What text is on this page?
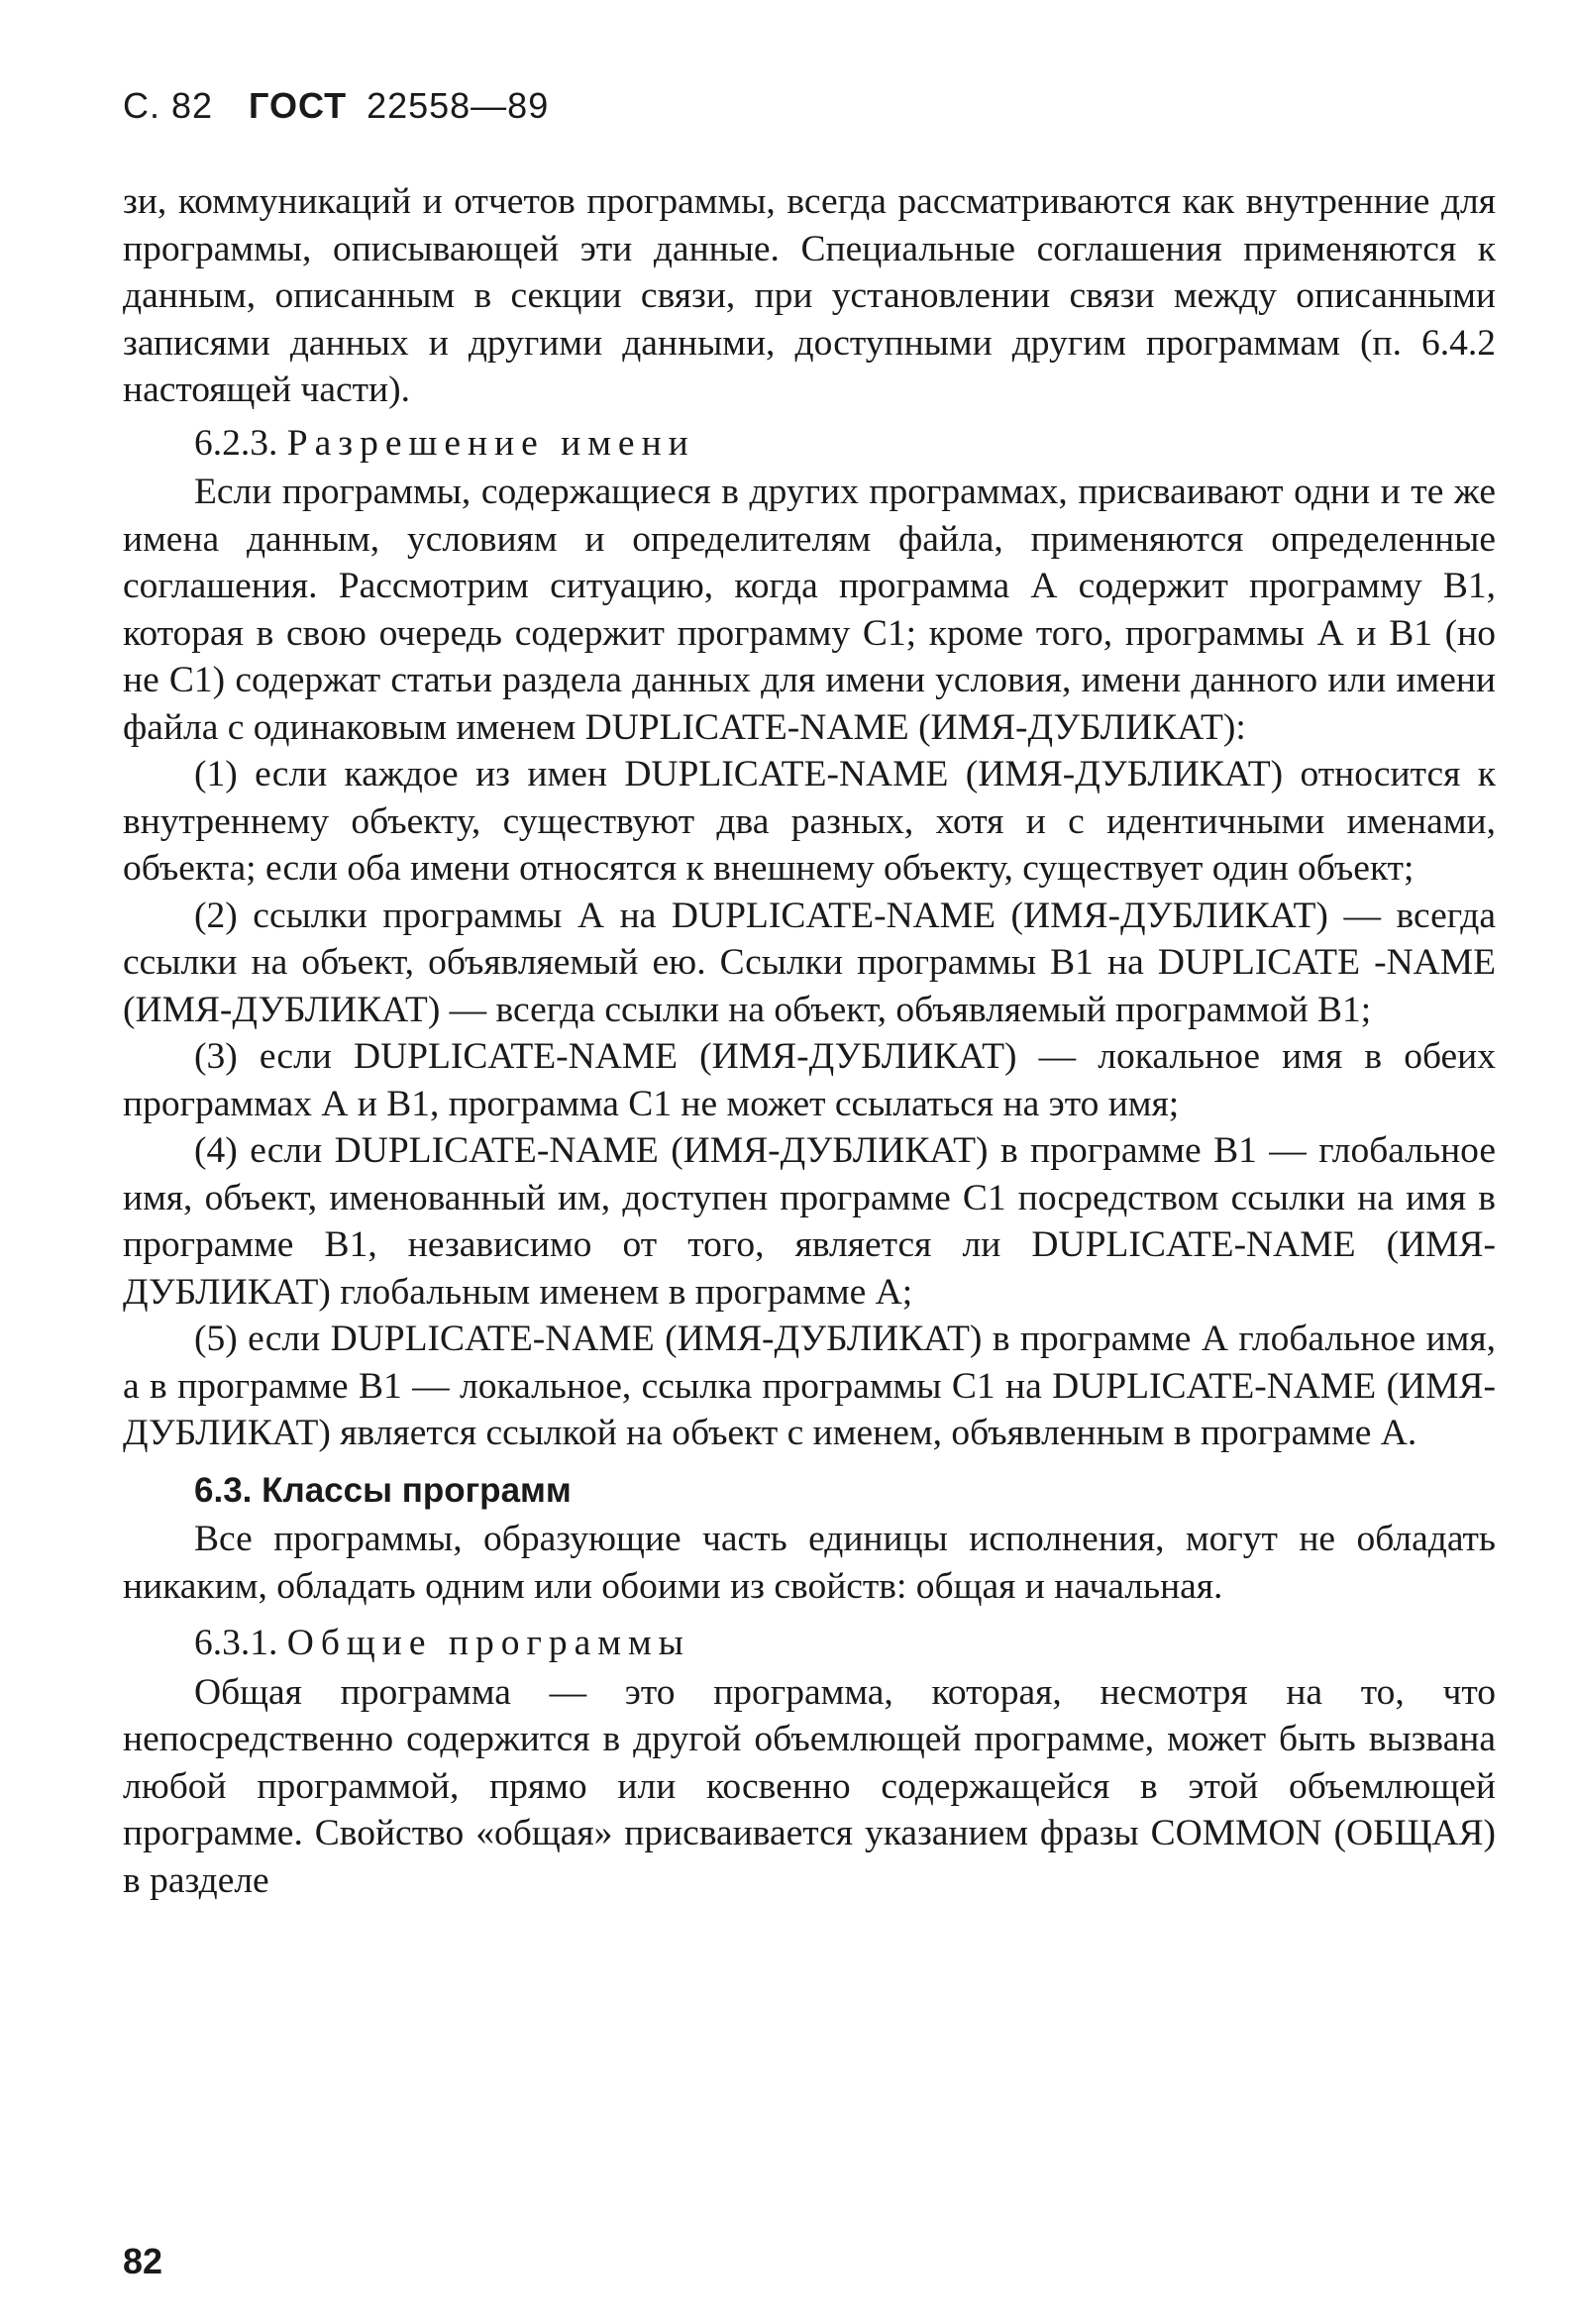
С. 82 ГОСТ 22558—89

зи, коммуникаций и отчетов программы, всегда рассматриваются как внутренние для программы, описывающей эти данные. Специальные соглашения применяются к данным, описанным в секции связи, при установлении связи между описанными записями данных и другими данными, доступными другим программам (п. 6.4.2 настоящей части).

6.2.3. Разрешение имени

Если программы, содержащиеся в других программах, присваивают одни и те же имена данным, условиям и определителям файла, применяются определенные соглашения. Рассмотрим ситуацию, когда программа А содержит программу В1, которая в свою очередь содержит программу С1; кроме того, программы А и В1 (но не С1) содержат статьи раздела данных для имени условия, имени данного или имени файла с одинаковым именем DUPLICATE-NAME (ИМЯ-ДУБЛИКАТ):

(1) если каждое из имен DUPLICATE-NAME (ИМЯ-ДУБЛИКАТ) относится к внутреннему объекту, существуют два разных, хотя и с идентичными именами, объекта; если оба имени относятся к внешнему объекту, существует один объект;

(2) ссылки программы А на DUPLICATE-NAME (ИМЯ-ДУБЛИКАТ) — всегда ссылки на объект, объявляемый ею. Ссылки программы В1 на DUPLICATE -NAME (ИМЯ-ДУБЛИКАТ) — всегда ссылки на объект, объявляемый программой В1;

(3) если DUPLICATE-NAME (ИМЯ-ДУБЛИКАТ) — локальное имя в обеих программах А и В1, программа С1 не может ссылаться на это имя;

(4) если DUPLICATE-NAME (ИМЯ-ДУБЛИКАТ) в программе В1 — глобальное имя, объект, именованный им, доступен программе С1 посредством ссылки на имя в программе В1, независимо от того, является ли DUPLICATE-NAME (ИМЯ-ДУБЛИКАТ) глобальным именем в программе А;

(5) если DUPLICATE-NAME (ИМЯ-ДУБЛИКАТ) в программе А глобальное имя, а в программе В1 — локальное, ссылка программы С1 на DUPLICATE-NAME (ИМЯ-ДУБЛИКАТ) является ссылкой на объект с именем, объявленным в программе А.

6.3. Классы программ

Все программы, образующие часть единицы исполнения, могут не обладать никаким, обладать одним или обоими из свойств: общая и начальная.

6.3.1. Общие программы

Общая программа — это программа, которая, несмотря на то, что непосредственно содержится в другой объемлющей программе, может быть вызвана любой программой, прямо или косвенно содержащейся в этой объемлющей программе. Свойство «общая» присваивается указанием фразы COMMON (ОБЩАЯ) в разделе

82
